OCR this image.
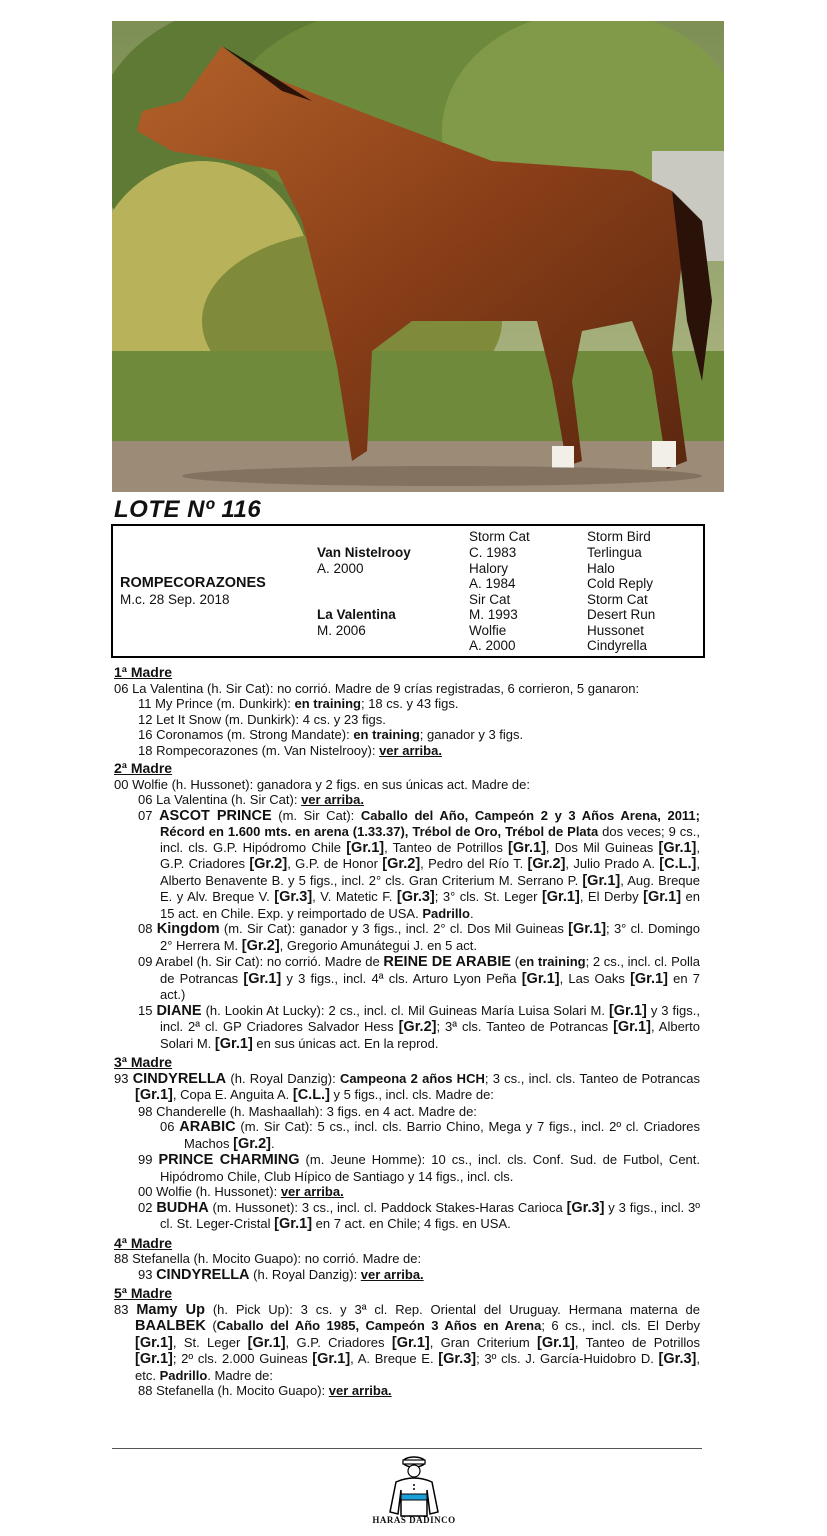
LOTE Nº 116
ROMPECORAZONES
M.c. 28 Sep. 2018
Van Nistelrooy
A. 2000
La Valentina
M. 2006
Storm Cat
C. 1983
Halory
A. 1984
Sir Cat
M. 1993
Wolfie
A. 2000
Storm Bird
Terlingua
Halo
Cold Reply
Storm Cat
Desert Run
Hussonet
Cindyrella
1ª Madre
06 La Valentina (h. Sir Cat): no corrió. Madre de 9 crías registradas, 6 corrieron, 5 ganaron:
11 My Prince (m. Dunkirk): en training; 18 cs. y 43 figs.
12 Let It Snow (m. Dunkirk): 4 cs. y 23 figs.
16 Coronamos (m. Strong Mandate): en training; ganador y 3 figs.
18 Rompecorazones (m. Van Nistelrooy): ver arriba.
2ª Madre
00 Wolfie (h. Hussonet): ganadora y 2 figs. en sus únicas act. Madre de:
06 La Valentina (h. Sir Cat): ver arriba.
07 ASCOT PRINCE (m. Sir Cat): Caballo del Año, Campeón 2 y 3 Años Arena, 2011; Récord en 1.600 mts. en arena (1.33.37), Trébol de Oro, Trébol de Plata dos veces; 9 cs., incl. cls. G.P. Hipódromo Chile [Gr.1], Tanteo de Potrillos [Gr.1], Dos Mil Guineas [Gr.1], G.P. Criadores [Gr.2], G.P. de Honor [Gr.2], Pedro del Río T. [Gr.2], Julio Prado A. [C.L.], Alberto Benavente B. y 5 figs., incl. 2° cls. Gran Criterium M. Serrano P. [Gr.1], Aug. Breque E. y Alv. Breque V. [Gr.3], V. Matetic F. [Gr.3]; 3° cls. St. Leger [Gr.1], El Derby [Gr.1] en 15 act. en Chile. Exp. y reimportado de USA. Padrillo.
08 Kingdom (m. Sir Cat): ganador y 3 figs., incl. 2° cl. Dos Mil Guineas [Gr.1]; 3° cl. Domingo 2° Herrera M. [Gr.2], Gregorio Amunátegui J. en 5 act.
09 Arabel (h. Sir Cat): no corrió. Madre de REINE DE ARABIE (en training; 2 cs., incl. cl. Polla de Potrancas [Gr.1] y 3 figs., incl. 4ª cls. Arturo Lyon Peña [Gr.1], Las Oaks [Gr.1] en 7 act.)
15 DIANE (h. Lookin At Lucky): 2 cs., incl. cl. Mil Guineas María Luisa Solari M. [Gr.1] y 3 figs., incl. 2ª cl. GP Criadores Salvador Hess [Gr.2]; 3ª cls. Tanteo de Potrancas [Gr.1], Alberto Solari M. [Gr.1] en sus únicas act. En la reprod.
3ª Madre
93 CINDYRELLA (h. Royal Danzig): Campeona 2 años HCH; 3 cs., incl. cls. Tanteo de Potrancas [Gr.1], Copa E. Anguita A. [C.L.] y 5 figs., incl. cls. Madre de:
98 Chanderelle (h. Mashaallah): 3 figs. en 4 act. Madre de:
06 ARABIC (m. Sir Cat): 5 cs., incl. cls. Barrio Chino, Mega y 7 figs., incl. 2º cl. Criadores Machos [Gr.2].
99 PRINCE CHARMING (m. Jeune Homme): 10 cs., incl. cls. Conf. Sud. de Futbol, Cent. Hipódromo Chile, Club Hípico de Santiago y 14 figs., incl. cls.
00 Wolfie (h. Hussonet): ver arriba.
02 BUDHA (m. Hussonet): 3 cs., incl. cl. Paddock Stakes-Haras Carioca [Gr.3] y 3 figs., incl. 3º cl. St. Leger-Cristal [Gr.1] en 7 act. en Chile; 4 figs. en USA.
4ª Madre
88 Stefanella (h. Mocito Guapo): no corrió. Madre de:
93 CINDYRELLA (h. Royal Danzig): ver arriba.
5ª Madre
83 Mamy Up (h. Pick Up): 3 cs. y 3ª cl. Rep. Oriental del Uruguay. Hermana materna de BAALBEK (Caballo del Año 1985, Campeón 3 Años en Arena; 6 cs., incl. cls. El Derby [Gr.1], St. Leger [Gr.1], G.P. Criadores [Gr.1], Gran Criterium [Gr.1], Tanteo de Potrillos [Gr.1]; 2º cls. 2.000 Guineas [Gr.1], A. Breque E. [Gr.3]; 3º cls. J. García-Huidobro D. [Gr.3], etc. Padrillo. Madre de:
88 Stefanella (h. Mocito Guapo): ver arriba.
HARAS DADINCO
